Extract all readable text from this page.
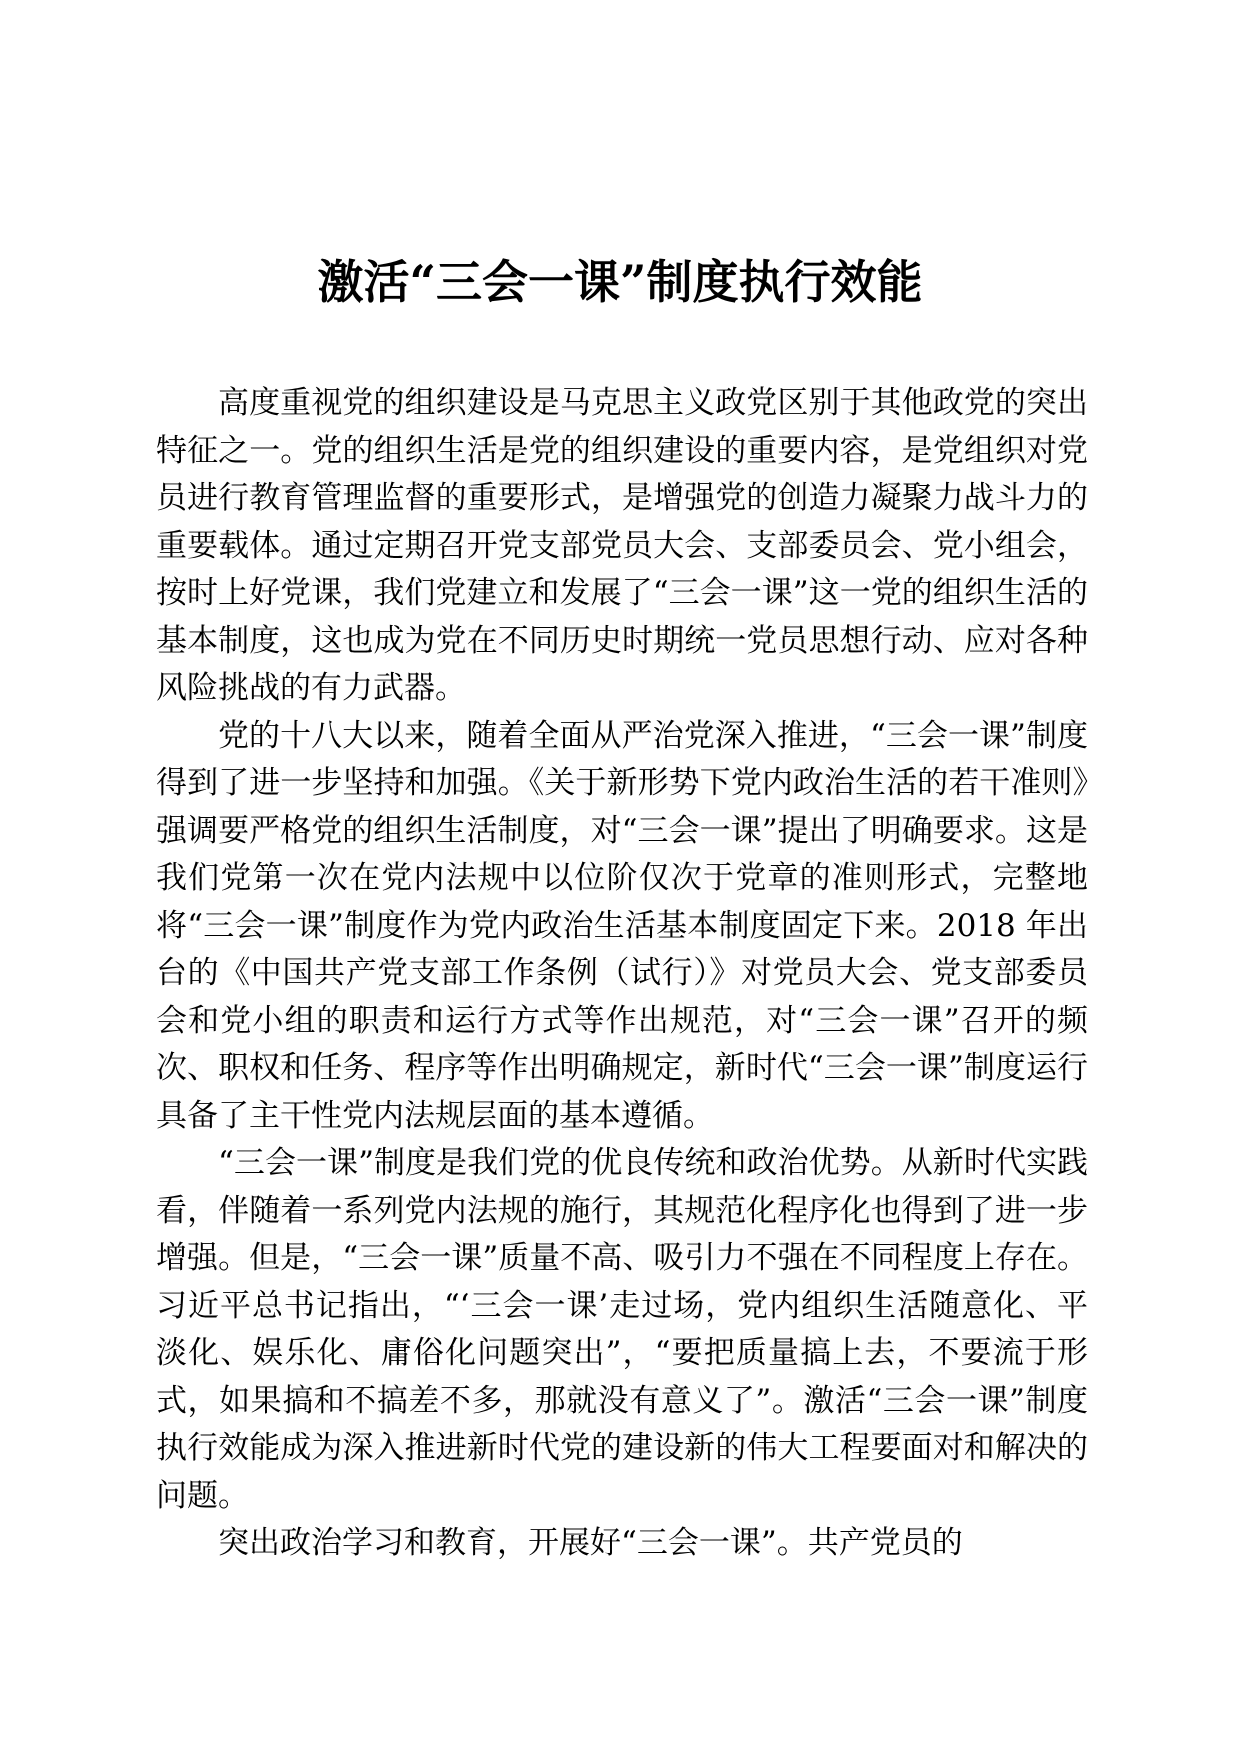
激活“三会一课”制度执行效能

高度重视党的组织建设是马克思主义政党区别于其他政党的突出特征之一。党的组织生活是党的组织建设的重要内容，是党组织对党员进行教育管理监督的重要形式，是增强党的创造力凝聚力战斗力的重要载体。通过定期召开党支部党员大会、支部委员会、党小组会，按时上好党课，我们党建立和发展了“三会一课”这一党的组织生活的基本制度，这也成为党在不同历史时期统一党员思想行动、应对各种风险挑战的有力武器。

党的十八大以来，随着全面从严治党深入推进，“三会一课”制度得到了进一步坚持和加强。《关于新形势下党内政治生活的若干准则》强调要严格党的组织生活制度，对“三会一课”提出了明确要求。这是我们党第一次在党内法规中以位阶仅次于党章的准则形式，完整地将“三会一课”制度作为党内政治生活基本制度固定下来。2018 年出台的《中国共产党支部工作条例（试行）》对党员大会、党支部委员会和党小组的职责和运行方式等作出规范，对“三会一课”召开的频次、职权和任务、程序等作出明确规定，新时代“三会一课”制度运行具备了主干性党内法规层面的基本遵循。

“三会一课”制度是我们党的优良传统和政治优势。从新时代实践看，伴随着一系列党内法规的施行，其规范化程序化也得到了进一步增强。但是，“三会一课”质量不高、吸引力不强在不同程度上存在。习近平总书记指出，“‘三会一课’走过场，党内组织生活随意化、平淡化、娱乐化、庸俗化问题突出”，“要把质量搞上去，不要流于形式，如果搞和不搞差不多，那就没有意义了”。激活“三会一课”制度执行效能成为深入推进新时代党的建设新的伟大工程要面对和解决的问题。

突出政治学习和教育，开展好“三会一课”。共产党员的
